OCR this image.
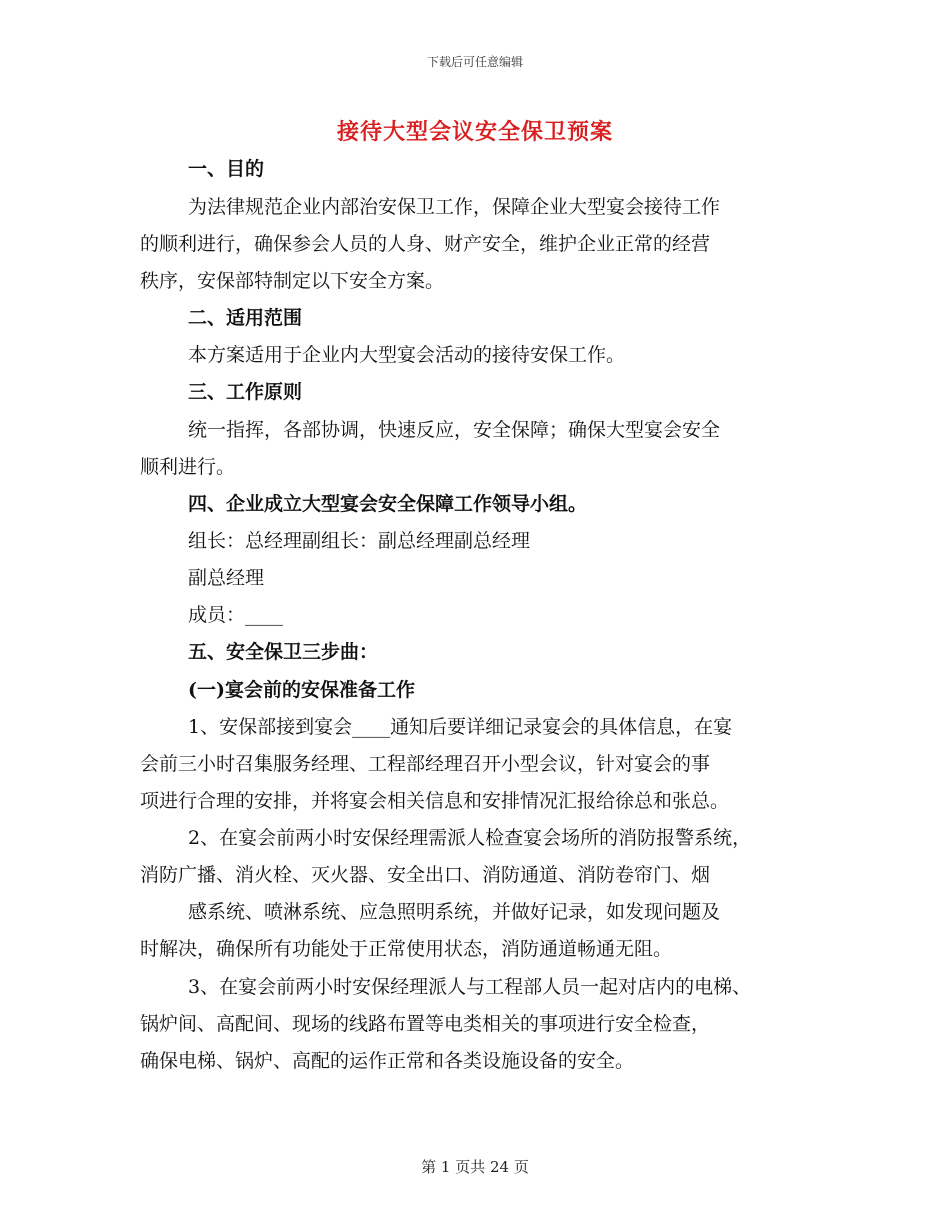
下载后可任意编辑
接待大型会议安全保卫预案
一、目的
为法律规范企业内部治安保卫工作，保障企业大型宴会接待工作
的顺利进行，确保参会人员的人身、财产安全，维护企业正常的经营
秩序，安保部特制定以下安全方案。
二、适用范围
本方案适用于企业内大型宴会活动的接待安保工作。
三、工作原则
统一指挥，各部协调，快速反应，安全保障；确保大型宴会安全
顺利进行。
四、企业成立大型宴会安全保障工作领导小组。
组长：总经理副组长：副总经理副总经理
副总经理
成员：____
五、安全保卫三步曲：
(一)宴会前的安保准备工作
1、安保部接到宴会____通知后要详细记录宴会的具体信息，在宴
会前三小时召集服务经理、工程部经理召开小型会议，针对宴会的事
项进行合理的安排，并将宴会相关信息和安排情况汇报给徐总和张总。
2、在宴会前两小时安保经理需派人检查宴会场所的消防报警系统，
消防广播、消火栓、灭火器、安全出口、消防通道、消防卷帘门、烟
感系统、喷淋系统、应急照明系统，并做好记录，如发现问题及
时解决，确保所有功能处于正常使用状态，消防通道畅通无阻。
3、在宴会前两小时安保经理派人与工程部人员一起对店内的电梯、
锅炉间、高配间、现场的线路布置等电类相关的事项进行安全检查，
确保电梯、锅炉、高配的运作正常和各类设施设备的安全。
第 1 页共 24 页
